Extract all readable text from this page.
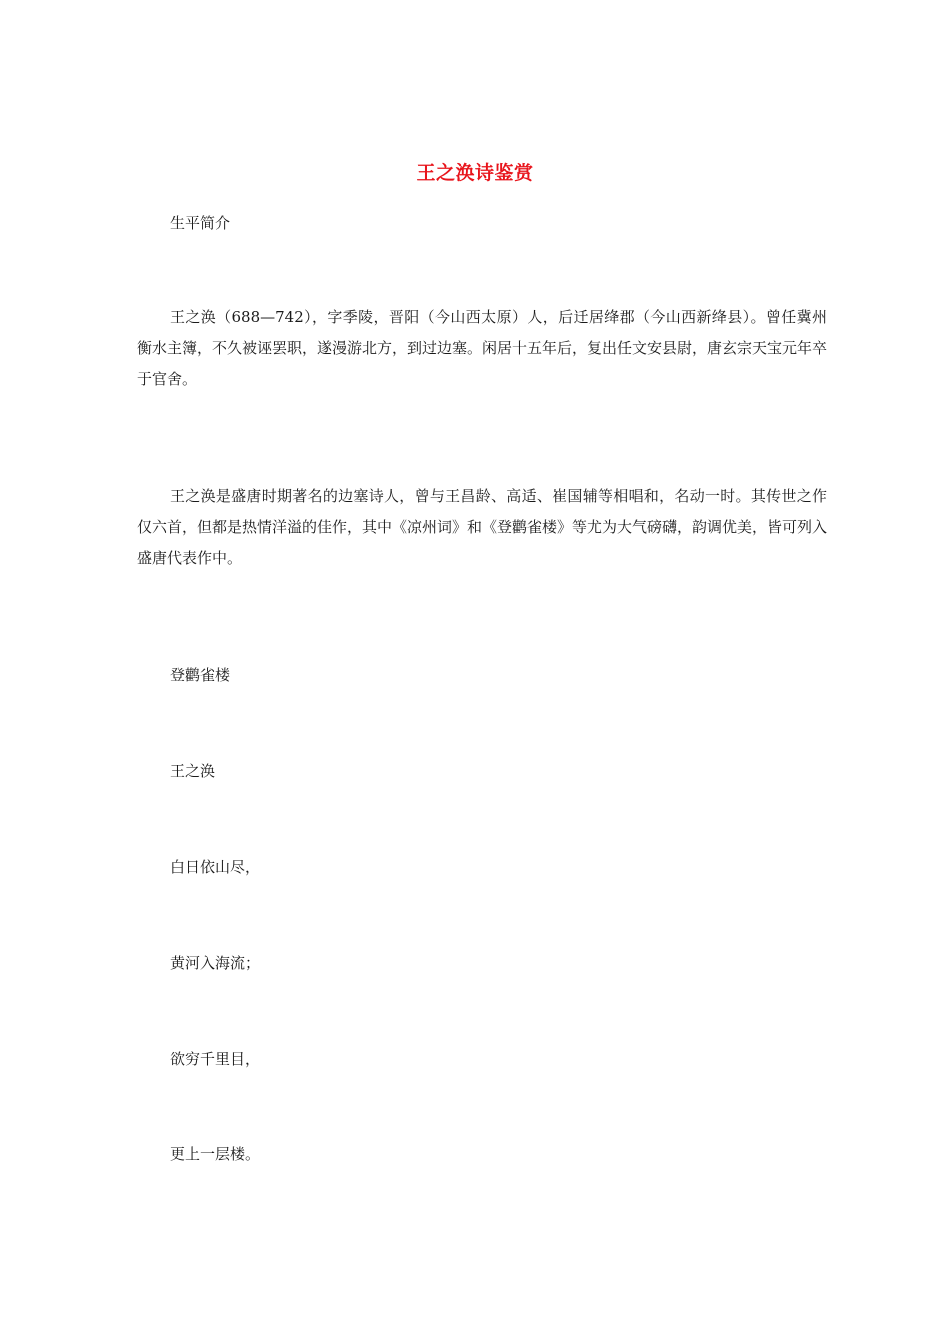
王之涣诗鉴赏
生平简介
王之涣（688—742），字季陵，晋阳（今山西太原）人，后迁居绛郡（今山西新绛县）。曾任冀州衡水主簿，不久被诬罢职，遂漫游北方，到过边塞。闲居十五年后，复出任文安县尉，唐玄宗天宝元年卒于官舍。
王之涣是盛唐时期著名的边塞诗人，曾与王昌龄、高适、崔国辅等相唱和，名动一时。其传世之作仅六首，但都是热情洋溢的佳作，其中《凉州词》和《登鹳雀楼》等尤为大气磅礴，韵调优美，皆可列入盛唐代表作中。
登鹳雀楼
王之涣
白日依山尽，
黄河入海流；
欲穷千里目，
更上一层楼。
